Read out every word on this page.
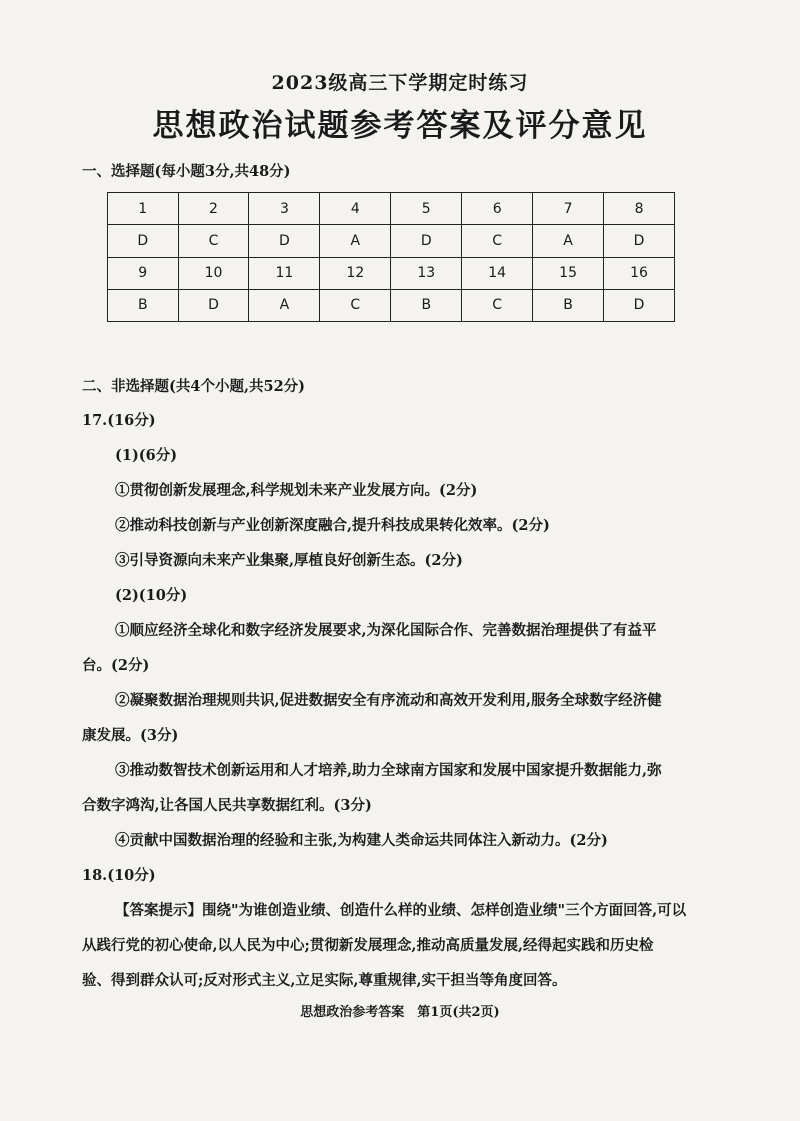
2023级高三下学期定时练习
思想政治试题参考答案及评分意见
一、选择题(每小题3分,共48分)
1	2	3	4	5	6	7	8
D	C	D	A	D	C	A	D
9	10	11	12	13	14	15	16
B	D	A	C	B	C	B	D
二、非选择题(共4个小题,共52分)
17.(16分)
(1)(6分)
①贯彻创新发展理念,科学规划未来产业发展方向。(2分)
②推动科技创新与产业创新深度融合,提升科技成果转化效率。(2分)
③引导资源向未来产业集聚,厚植良好创新生态。(2分)
(2)(10分)
①顺应经济全球化和数字经济发展要求,为深化国际合作、完善数据治理提供了有益平
台。(2分)
②凝聚数据治理规则共识,促进数据安全有序流动和高效开发利用,服务全球数字经济健
康发展。(3分)
③推动数智技术创新运用和人才培养,助力全球南方国家和发展中国家提升数据能力,弥
合数字鸿沟,让各国人民共享数据红利。(3分)
④贡献中国数据治理的经验和主张,为构建人类命运共同体注入新动力。(2分)
18.(10分)
【答案提示】围绕"为谁创造业绩、创造什么样的业绩、怎样创造业绩"三个方面回答,可以
从践行党的初心使命,以人民为中心;贯彻新发展理念,推动高质量发展,经得起实践和历史检
验、得到群众认可;反对形式主义,立足实际,尊重规律,实干担当等角度回答。
思想政治参考答案　第1页(共2页)
